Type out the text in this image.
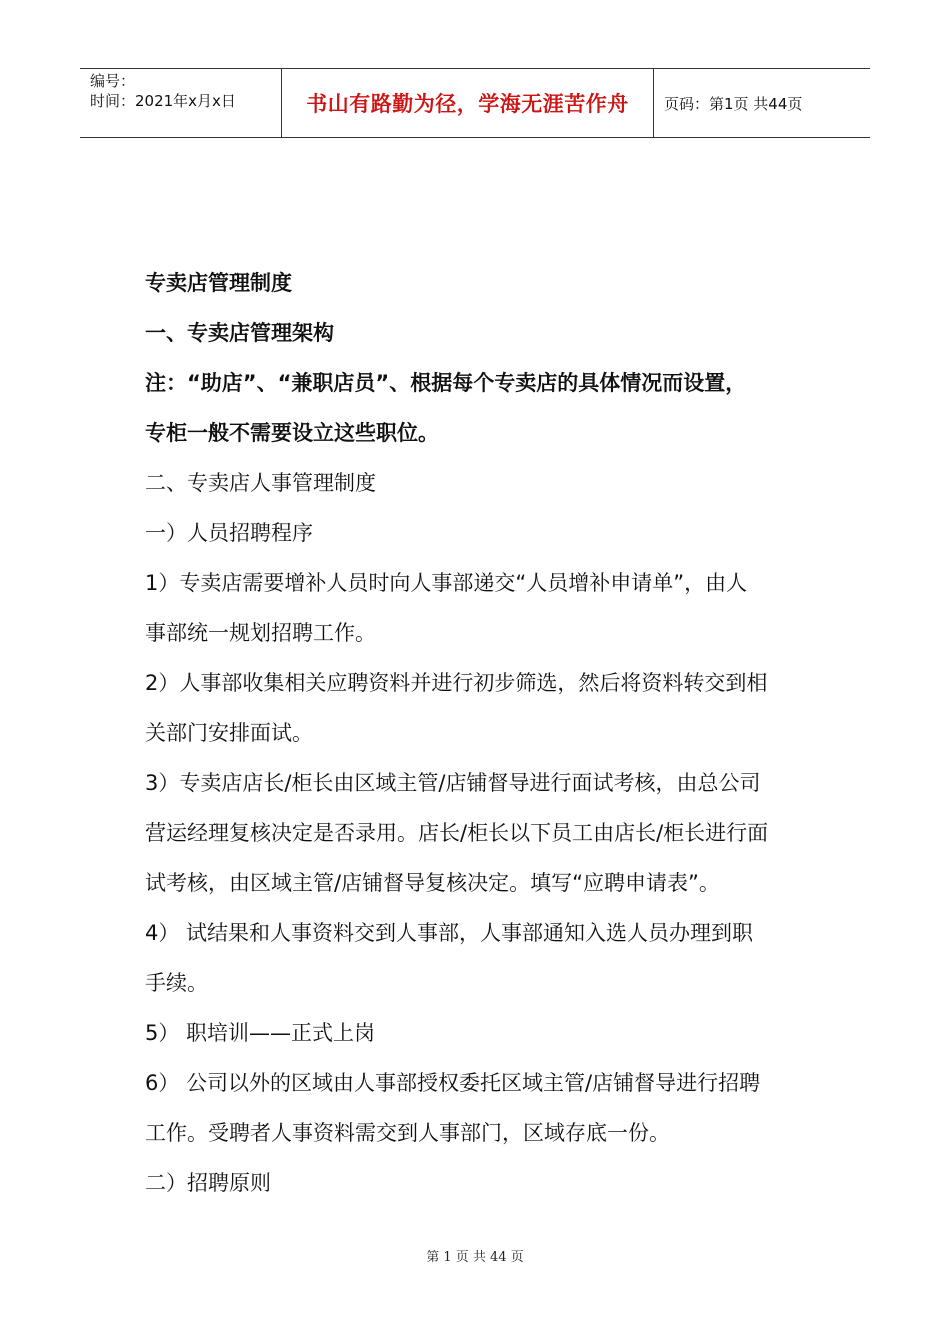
编号：
时间：2021年x月x日	书山有路勤为径，学海无涯苦作舟 页码：第1页 共44页
专卖店管理制度
一、专卖店管理架构
注：“助店”、“兼职店员”、根据每个专卖店的具体情况而设置，
专柜一般不需要设立这些职位。
二、专卖店人事管理制度
一）人员招聘程序
1）专卖店需要增补人员时向人事部递交“人员增补申请单”，由人
事部统一规划招聘工作。
2）人事部收集相关应聘资料并进行初步筛选，然后将资料转交到相
关部门安排面试。
3）专卖店店长/柜长由区域主管/店铺督导进行面试考核，由总公司
营运经理复核决定是否录用。店长/柜长以下员工由店长/柜长进行面
试考核，由区域主管/店铺督导复核决定。填写“应聘申请表”。
4） 试结果和人事资料交到人事部，人事部通知入选人员办理到职
手续。
5） 职培训——正式上岗
6） 公司以外的区域由人事部授权委托区域主管/店铺督导进行招聘
工作。受聘者人事资料需交到人事部门，区域存底一份。
二）招聘原则
第 1 页 共 44 页
